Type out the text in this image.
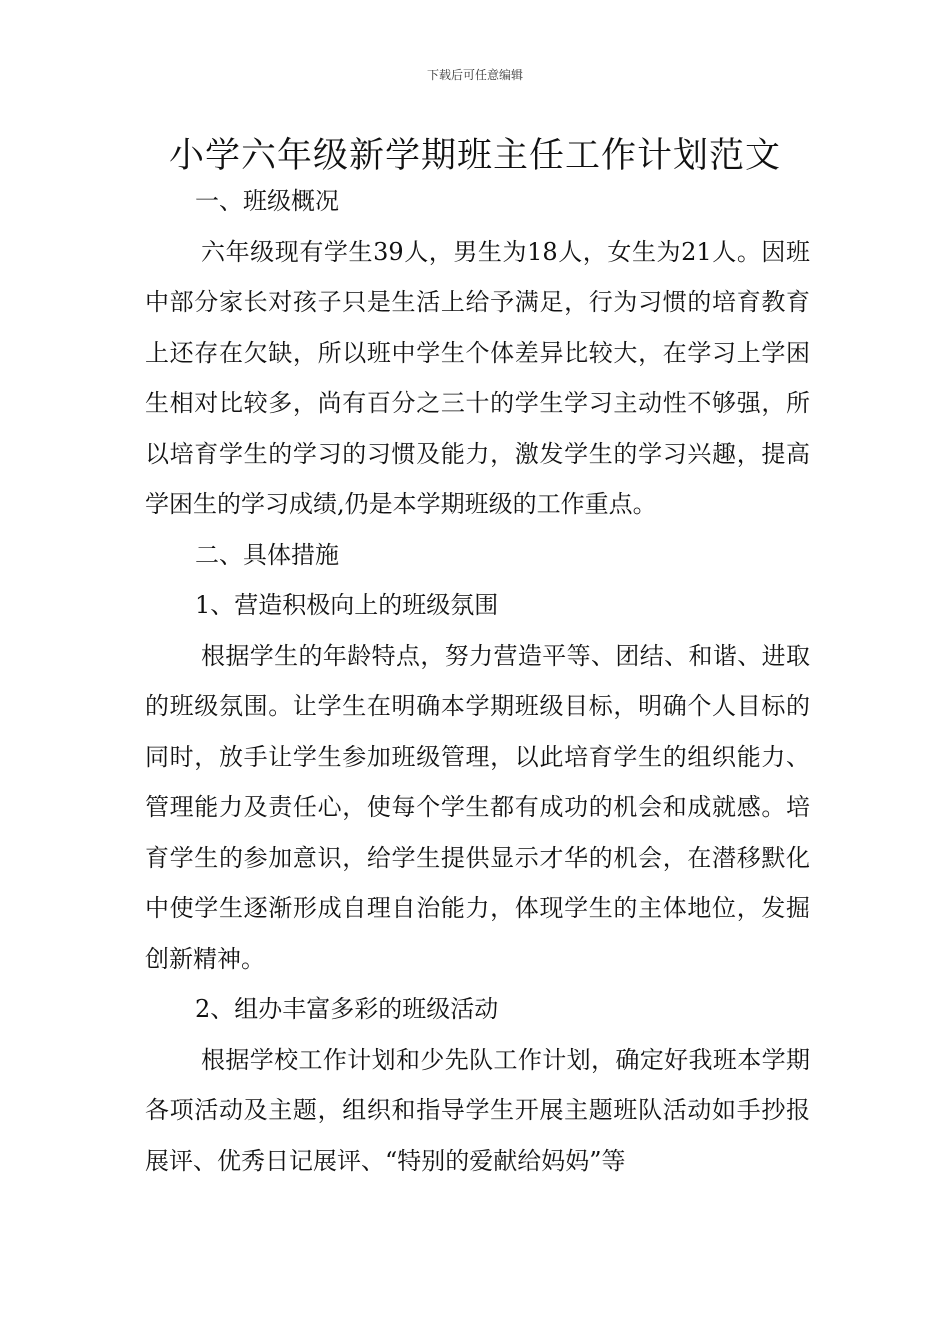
下载后可任意编辑
小学六年级新学期班主任工作计划范文

一、班级概况

六年级现有学生39人，男生为18人，女生为21人。因班中部分家长对孩子只是生活上给予满足，行为习惯的培育教育上还存在欠缺，所以班中学生个体差异比较大，在学习上学困生相对比较多，尚有百分之三十的学生学习主动性不够强，所以培育学生的学习的习惯及能力，激发学生的学习兴趣，提高学困生的学习成绩,仍是本学期班级的工作重点。

二、具体措施

1、营造积极向上的班级氛围

根据学生的年龄特点，努力营造平等、团结、和谐、进取的班级氛围。让学生在明确本学期班级目标，明确个人目标的同时，放手让学生参加班级管理，以此培育学生的组织能力、管理能力及责任心，使每个学生都有成功的机会和成就感。培育学生的参加意识，给学生提供显示才华的机会，在潜移默化中使学生逐渐形成自理自治能力，体现学生的主体地位，发掘创新精神。

2、组办丰富多彩的班级活动

根据学校工作计划和少先队工作计划，确定好我班本学期各项活动及主题，组织和指导学生开展主题班队活动如手抄报展评、优秀日记展评、“特别的爱献给妈妈”等
